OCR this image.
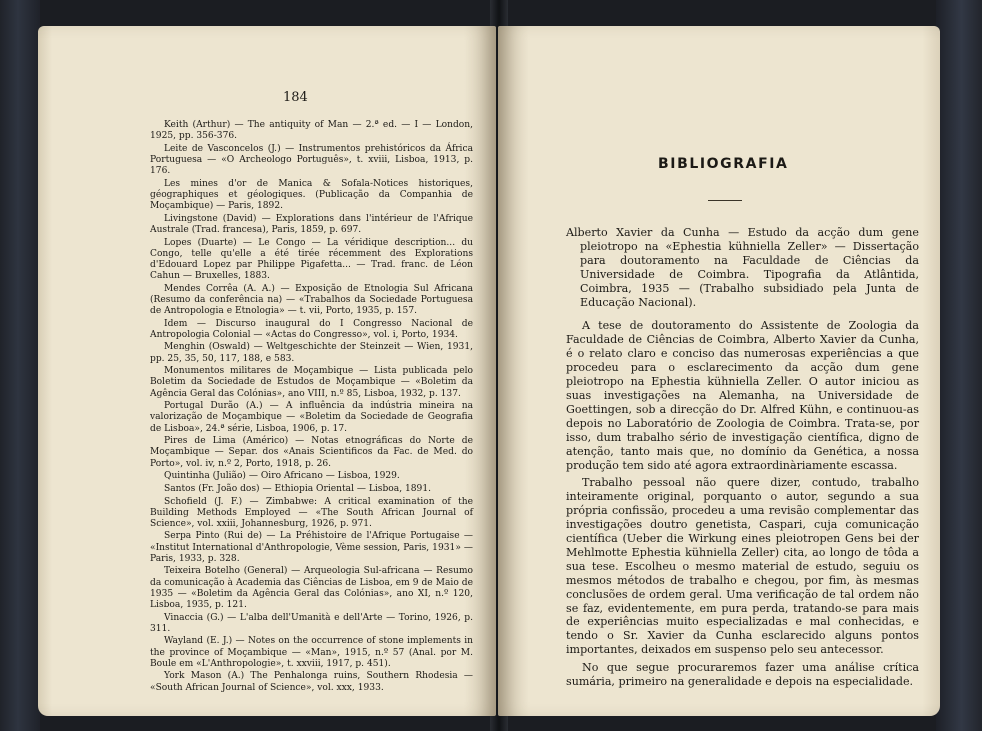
184

Keith (Arthur) — The antiquity of Man — 2.ª ed. — I — London, 1925, pp. 356-376.

Leite de Vasconcelos (J.) — Instrumentos prehistóricos da África Portuguesa — «O Archeologo Português», t. xviii, Lisboa, 1913, p. 176.

Les mines d'or de Manica & Sofala-Notices historiques, géographiques et géologiques. (Publicação da Companhia de Moçambique) — Paris, 1892.

Livingstone (David) — Explorations dans l'intérieur de l'Afrique Australe (Trad. francesa), Paris, 1859, p. 697.

Lopes (Duarte) — Le Congo — La véridique description... du Congo, telle qu'elle a été tirée récemment des Explorations d'Edouard Lopez par Philippe Pigafetta... — Trad. franc. de Léon Cahun — Bruxelles, 1883.

Mendes Corrêa (A. A.) — Exposição de Etnologia Sul Africana (Resumo da conferência na) — «Trabalhos da Sociedade Portuguesa de Antropologia e Etnologia» — t. vii, Porto, 1935, p. 157.

Idem — Discurso inaugural do I Congresso Nacional de Antropologia Colonial — «Actas do Congresso», vol. i, Porto, 1934.

Menghin (Oswald) — Weltgeschichte der Steinzeit — Wien, 1931, pp. 25, 35, 50, 117, 188, e 583.

Monumentos militares de Moçambique — Lista publicada pelo Boletim da Sociedade de Estudos de Moçambique — «Boletim da Agência Geral das Colónias», ano VIII, n.º 85, Lisboa, 1932, p. 137.

Portugal Durão (A.) — A influência da indústria mineira na valorização de Moçambique — «Boletim da Sociedade de Geografia de Lisboa», 24.ª série, Lisboa, 1906, p. 17.

Pires de Lima (Américo) — Notas etnográficas do Norte de Moçambique — Separ. dos «Anais Scientificos da Fac. de Med. do Porto», vol. iv, n.º 2, Porto, 1918, p. 26.

Quintinha (Julião) — Oiro Africano — Lisboa, 1929.

Santos (Fr. João dos) — Ethiopia Oriental — Lisboa, 1891.

Schofield (J. F.) — Zimbabwe: A critical examination of the Building Methods Employed — «The South African Journal of Science», vol. xxiii, Johannesburg, 1926, p. 971.

Serpa Pinto (Rui de) — La Préhistoire de l'Afrique Portugaise — «Institut International d'Anthropologie, Vème session, Paris, 1931» — Paris, 1933, p. 328.

Teixeira Botelho (General) — Arqueologia Sul-africana — Resumo da comunicação à Academia das Ciências de Lisboa, em 9 de Maio de 1935 — «Boletim da Agência Geral das Colónias», ano XI, n.º 120, Lisboa, 1935, p. 121.

Vinaccia (G.) — L'alba dell'Umanità e dell'Arte — Torino, 1926, p. 311.

Wayland (E. J.) — Notes on the occurrence of stone implements in the province of Moçambique — «Man», 1915, n.º 57 (Anal. por M. Boule em «L'Anthropologie», t. xxviii, 1917, p. 451).

York Mason (A.) The Penhalonga ruins, Southern Rhodesia — «South African Journal of Science», vol. xxx, 1933.

BIBLIOGRAFIA

Alberto Xavier da Cunha — Estudo da acção dum gene pleiotropo na «Ephestia kühniella Zeller» — Dissertação para doutoramento na Faculdade de Ciências da Universidade de Coimbra. Tipografia da Atlântida, Coimbra, 1935 — (Trabalho subsidiado pela Junta de Educação Nacional).

A tese de doutoramento do Assistente de Zoologia da Faculdade de Ciências de Coimbra, Alberto Xavier da Cunha, é o relato claro e conciso das numerosas experiências a que procedeu para o esclarecimento da acção dum gene pleiotropo na Ephestia kühniella Zeller. O autor iniciou as suas investigações na Alemanha, na Universidade de Goettingen, sob a direcção do Dr. Alfred Kühn, e continuou-as depois no Laboratório de Zoologia de Coimbra. Trata-se, por isso, dum trabalho sério de investigação científica, digno de atenção, tanto mais que, no domínio da Genética, a nossa produção tem sido até agora extraordinàriamente escassa.

Trabalho pessoal não quere dizer, contudo, trabalho inteiramente original, porquanto o autor, segundo a sua própria confissão, procedeu a uma revisão complementar das investigações doutro genetista, Caspari, cuja comunicação científica (Ueber die Wirkung eines pleiotropen Gens bei der Mehlmotte Ephestia kühniella Zeller) cita, ao longo de tôda a sua tese. Escolheu o mesmo material de estudo, seguiu os mesmos métodos de trabalho e chegou, por fim, às mesmas conclusões de ordem geral. Uma verificação de tal ordem não se faz, evidentemente, em pura perda, tratando-se para mais de experiências muito especializadas e mal conhecidas, e tendo o Sr. Xavier da Cunha esclarecido alguns pontos importantes, deixados em suspenso pelo seu antecessor.

No que segue procuraremos fazer uma análise crítica sumária, primeiro na generalidade e depois na especialidade.
